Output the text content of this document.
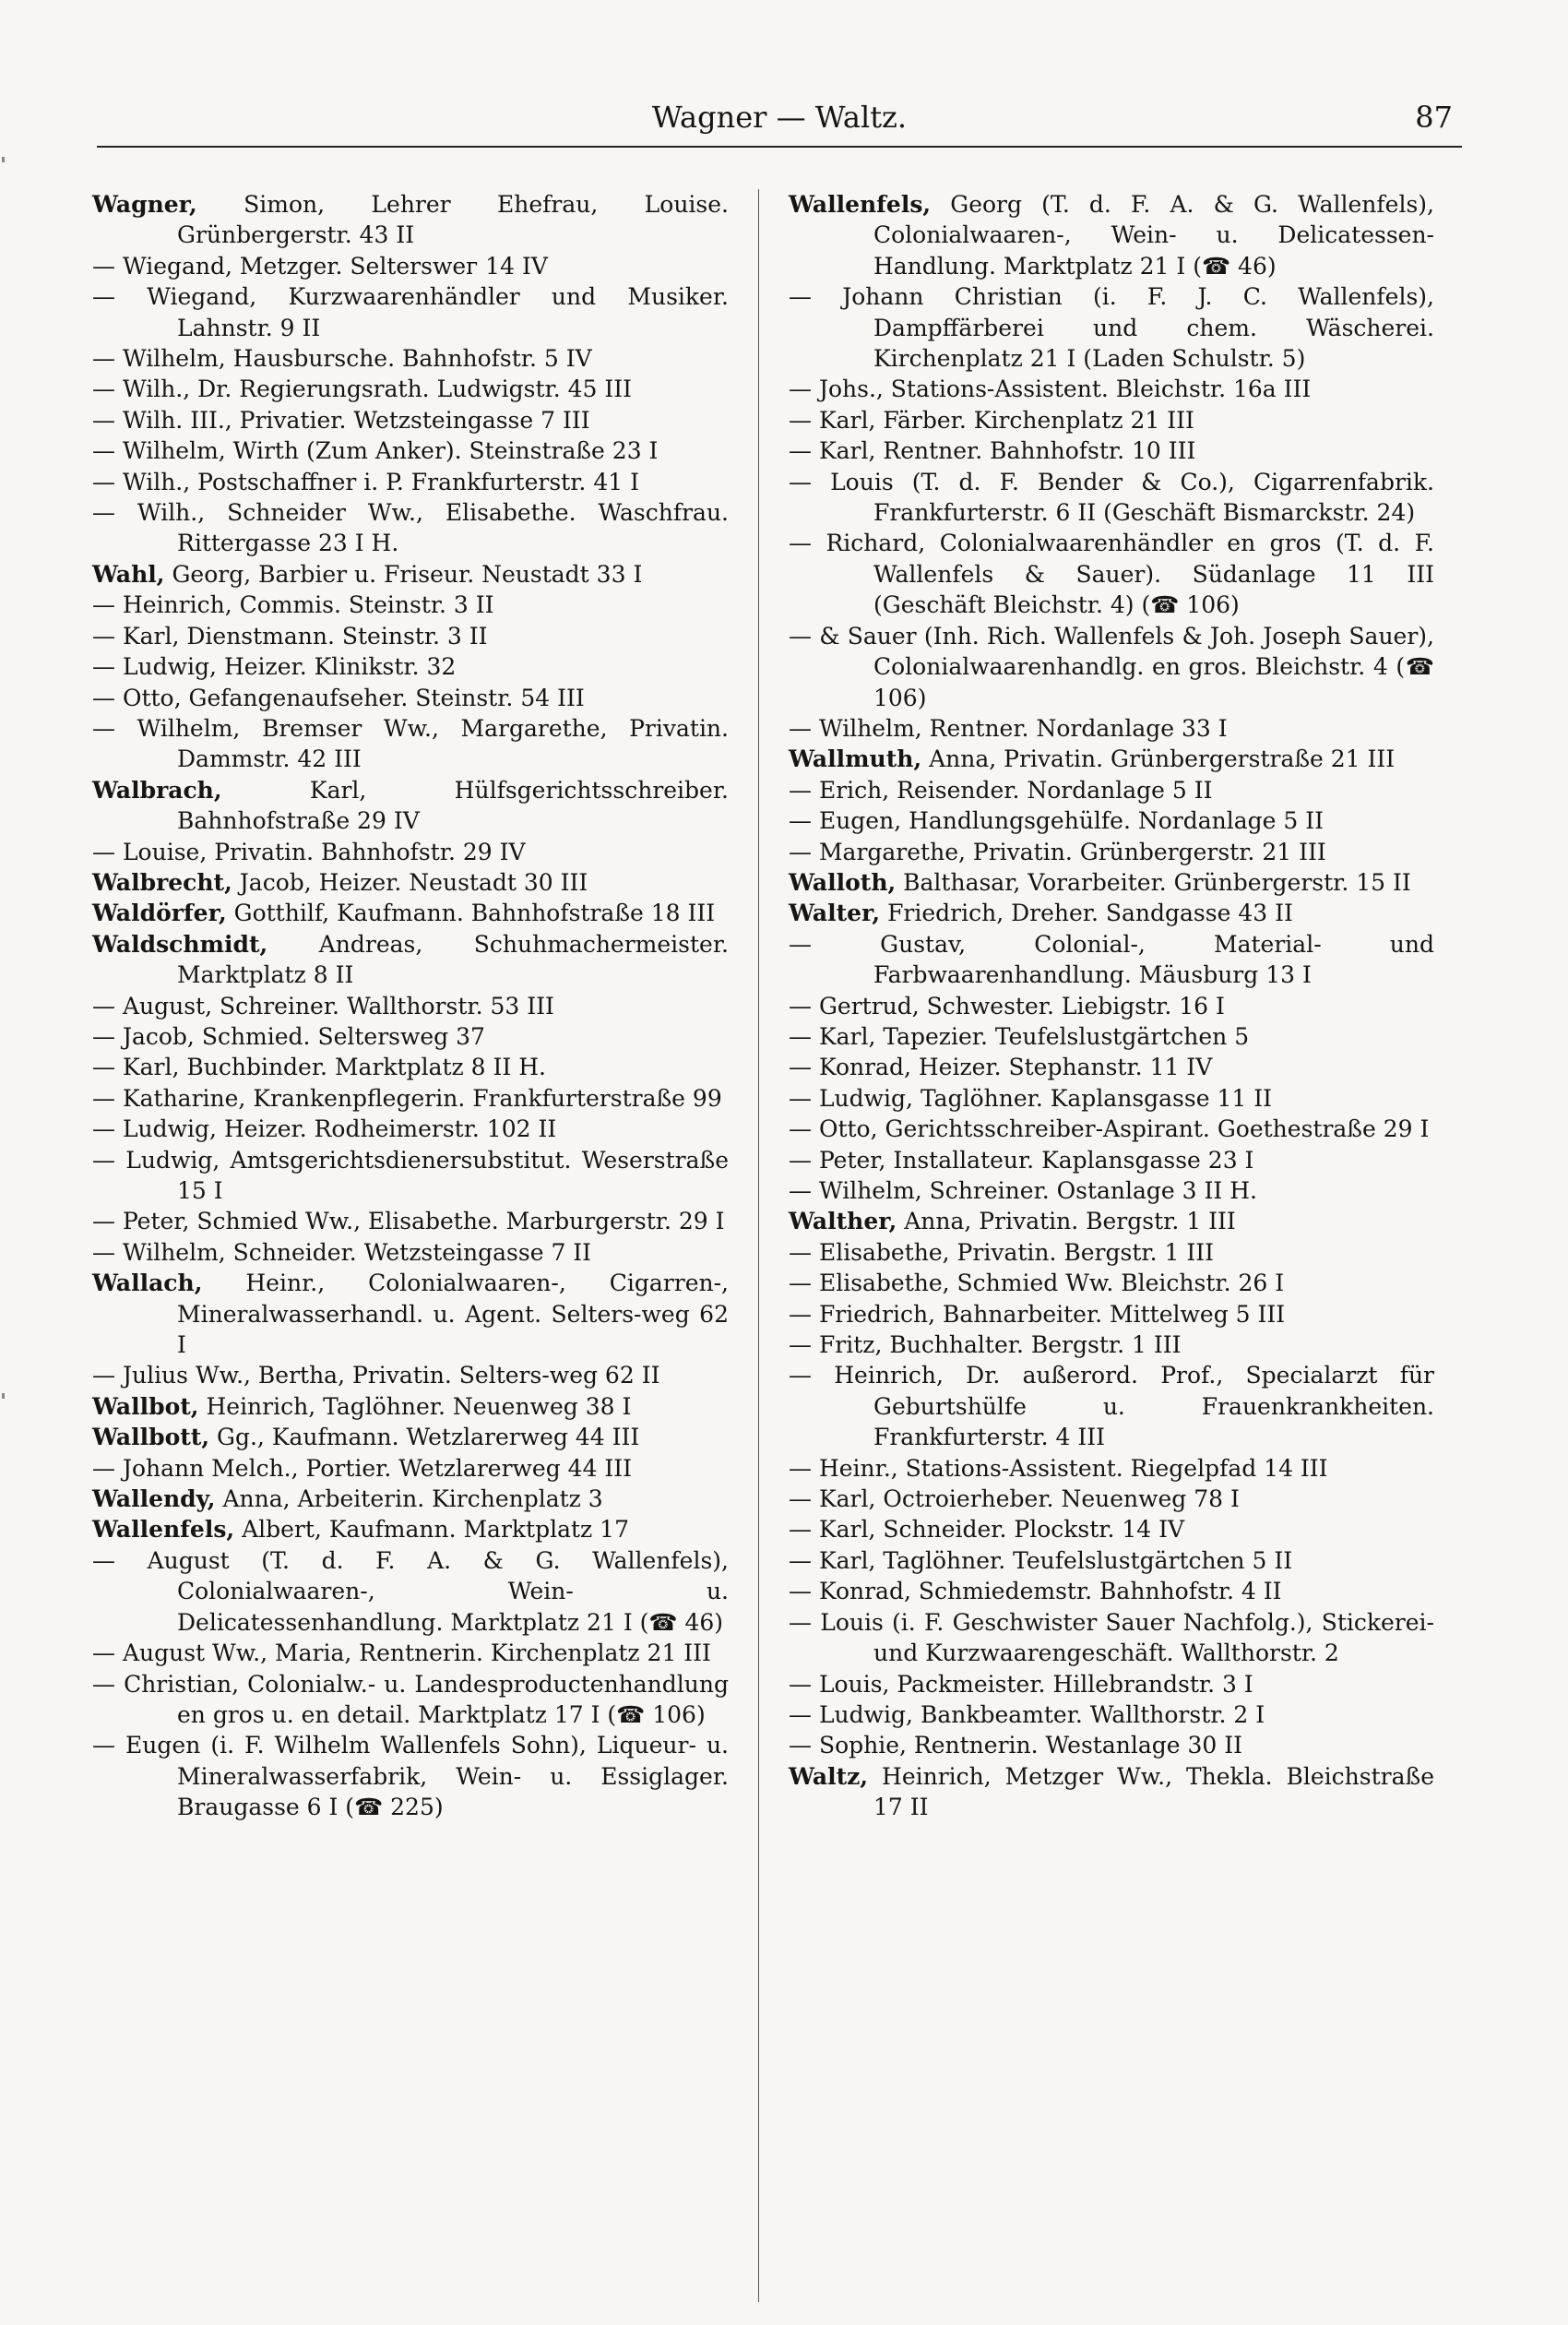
Wagner — Waltz.	87

Wagner, Simon, Lehrer Ehefrau, Louise. Grünbergerstr. 43 II

— Wiegand, Metzger. Selterswег 14 IV

— Wiegand, Kurzwaarenhändler und Musiker. Lahnstr. 9 II

— Wilhelm, Hausbursche. Bahnhofstr. 5 IV

— Wilh., Dr. Regierungsrath. Ludwigstr. 45 III

— Wilh. III., Privatier. Wetzsteingasse 7 III

— Wilhelm, Wirth (Zum Anker). Steinstraße 23 I

— Wilh., Postschaffner i. P. Frankfurterstr. 41 I

— Wilh., Schneider Ww., Elisabethe. Waschfrau. Rittergasse 23 I H.

Wahl, Georg, Barbier u. Friseur. Neustadt 33 I

— Heinrich, Commis. Steinstr. 3 II

— Karl, Dienstmann. Steinstr. 3 II

— Ludwig, Heizer. Klinikstr. 32

— Otto, Gefangenaufseher. Steinstr. 54 III

— Wilhelm, Bremser Ww., Margarethe, Privatin. Dammstr. 42 III

Walbrach,	Karl, Hülfsgerichtsschreiber. Bahnhofstraße 29 IV

— Louise, Privatin. Bahnhofstr. 29 IV

Walbrecht, Jacob, Heizer. Neustadt 30 III

Waldörfer, Gotthilf, Kaufmann. Bahnhofstraße 18 III

Waldschmidt, Andreas, Schuhmachermeister. Marktplatz 8 II

— August, Schreiner. Wallthorstr. 53 III

— Jacob, Schmied. Selterswеg 37

— Karl, Buchbinder. Marktplatz 8 II H.

— Katharine, Krankenpflegerin. Frankfurterstraße 99

— Ludwig, Heizer. Rodheimerstr. 102 II

— Ludwig, Amtsgerichtsdienersubstitut. Weserstraße 15 I

— Peter, Schmied Ww., Elisabethe. Marburgerstr. 29 I

— Wilhelm, Schneider. Wetzsteingasse 7 II

Wallach, Heinr., Colonialwaaren-, Cigarren-, Mineralwasserhandl. u. Agent. Selters-weg 62 I

— Julius Ww., Bertha, Privatin. Selters-weg 62 II

Wallbot, Heinrich, Taglöhner. Neuenweg 38 I

Wallbott, Gg., Kaufmann. Wetzlarerweg 44 III

— Johann Melch., Portier. Wetzlarerweg 44 III

Wallendy, Anna, Arbeiterin. Kirchenplatz 3

Wallenfels, Albert, Kaufmann. Marktplatz 17

— August (T. d. F. A. & G. Wallenfels), Colonialwaaren-, Wein- u. Delicatessenhandlung. Marktplatz 21 I (☎ 46)

— August Ww., Maria, Rentnerin. Kirchenplatz 21 III

— Christian, Colonialw.- u. Landesproductenhandlung en gros u. en detail. Marktplatz 17 I (☎ 106)

— Eugen (i. F. Wilhelm Wallenfels Sohn), Liqueur- u. Mineralwasserfabrik, Wein- u. Essiglager. Braugasse 6 I (☎ 225)

Wallenfels, Georg (T. d. F. A. & G. Wallenfels), Colonialwaaren-, Wein- u. Delicatessen-Handlung. Marktplatz 21 I (☎ 46)

— Johann Christian (i. F. J. C. Wallenfels), Dampffärberei und chem. Wäscherei. Kirchenplatz 21 I (Laden Schulstr. 5)

— Johs., Stations-Assistent. Bleichstr. 16a III

— Karl, Färber. Kirchenplatz 21 III

— Karl, Rentner. Bahnhofstr. 10 III

— Louis (T. d. F. Bender & Co.), Cigarrenfabrik. Frankfurterstr. 6 II (Geschäft Bismarckstr. 24)

— Richard, Colonialwaarenhändler en gros (T. d. F. Wallenfels & Sauer). Südanlage 11 III (Geschäft Bleichstr. 4) (☎ 106)

— & Sauer (Inh. Rich. Wallenfels & Joh. Joseph Sauer), Colonialwaarenhandlg. en gros. Bleichstr. 4 (☎ 106)

— Wilhelm, Rentner. Nordanlage 33 I

Wallmuth, Anna, Privatin. Grünbergerstraße 21 III

— Erich, Reisender. Nordanlage 5 II

— Eugen, Handlungsgehülfe. Nordanlage 5 II

— Margarethe, Privatin. Grünbergerstr. 21 III

Walloth, Balthasar, Vorarbeiter. Grünbergerstr. 15 II

Walter, Friedrich, Dreher. Sandgasse 43 II

— Gustav, Colonial-, Material- und Farbwaarenhandlung. Mäusburg 13 I

— Gertrud, Schwester. Liebigstr. 16 I

— Karl, Tapezier. Teufelslustgärtchen 5

— Konrad, Heizer. Stephanstr. 11 IV

— Ludwig, Taglöhner. Kaplansgasse 11 II

— Otto, Gerichtsschreiber-Aspirant. Goethestraße 29 I

— Peter, Installateur. Kaplansgasse 23 I

— Wilhelm, Schreiner. Ostanlage 3 II H.

Walther, Anna, Privatin. Bergstr. 1 III

— Elisabethe, Privatin. Bergstr. 1 III

— Elisabethe, Schmied Ww. Bleichstr. 26 I

— Friedrich, Bahnarbeiter. Mittelweg 5 III

— Fritz, Buchhalter. Bergstr. 1 III

— Heinrich, Dr. außerord. Prof., Specialarzt für Geburtshülfe u. Frauenkrankheiten. Frankfurterstr. 4 III

— Heinr., Stations-Assistent. Riegelpfad 14 III

— Karl, Octroierheber. Neuenweg 78 I

— Karl, Schneider. Plockstr. 14 IV

— Karl, Taglöhner. Teufelslustgärtchen 5 II

— Konrad, Schmiedemstr. Bahnhofstr. 4 II

— Louis (i. F. Geschwister Sauer Nachfolg.), Stickerei- und Kurzwaarengeschäft. Wallthorstr. 2

— Louis, Packmeister. Hillebrandstr. 3 I

— Ludwig, Bankbeamter. Wallthorstr. 2 I

— Sophie, Rentnerin. Westanlage 30 II

Waltz, Heinrich, Metzger Ww., Thekla. Bleichstraße 17 II
